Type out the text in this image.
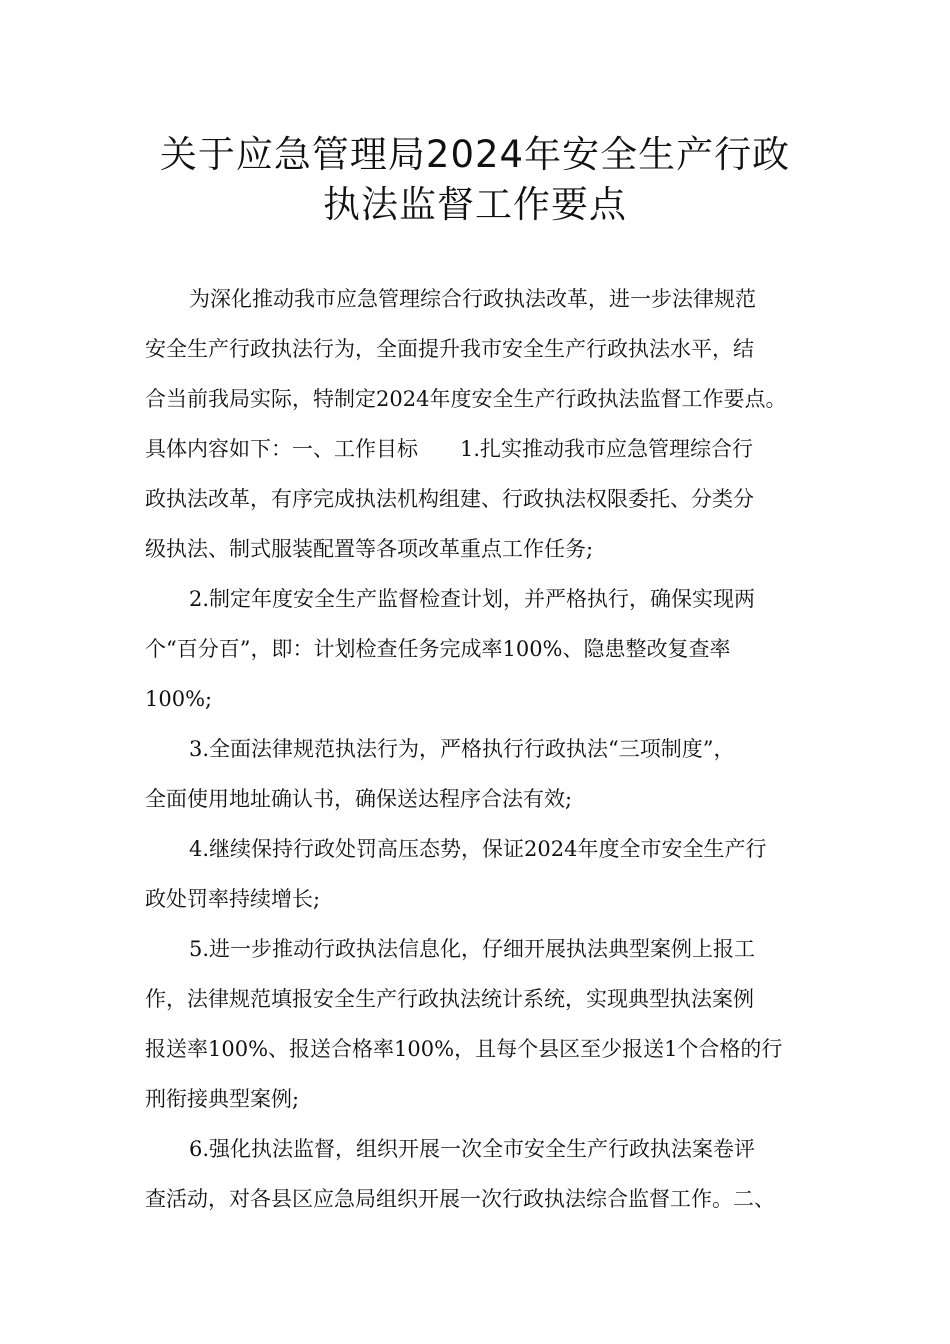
关于应急管理局2024年安全生产行政
执法监督工作要点
为深化推动我市应急管理综合行政执法改革，进一步法律规范
安全生产行政执法行为，全面提升我市安全生产行政执法水平，结
合当前我局实际，特制定2024年度安全生产行政执法监督工作要点。
具体内容如下：一、工作目标　　1.扎实推动我市应急管理综合行
政执法改革，有序完成执法机构组建、行政执法权限委托、分类分
级执法、制式服装配置等各项改革重点工作任务;
2.制定年度安全生产监督检查计划，并严格执行，确保实现两
个“百分百”，即：计划检查任务完成率100%、隐患整改复查率
100%;
3.全面法律规范执法行为，严格执行行政执法“三项制度”，
全面使用地址确认书，确保送达程序合法有效;
4.继续保持行政处罚高压态势，保证2024年度全市安全生产行
政处罚率持续增长;
5.进一步推动行政执法信息化，仔细开展执法典型案例上报工
作，法律规范填报安全生产行政执法统计系统，实现典型执法案例
报送率100%、报送合格率100%，且每个县区至少报送1个合格的行
刑衔接典型案例;
6.强化执法监督，组织开展一次全市安全生产行政执法案卷评
查活动，对各县区应急局组织开展一次行政执法综合监督工作。二、
